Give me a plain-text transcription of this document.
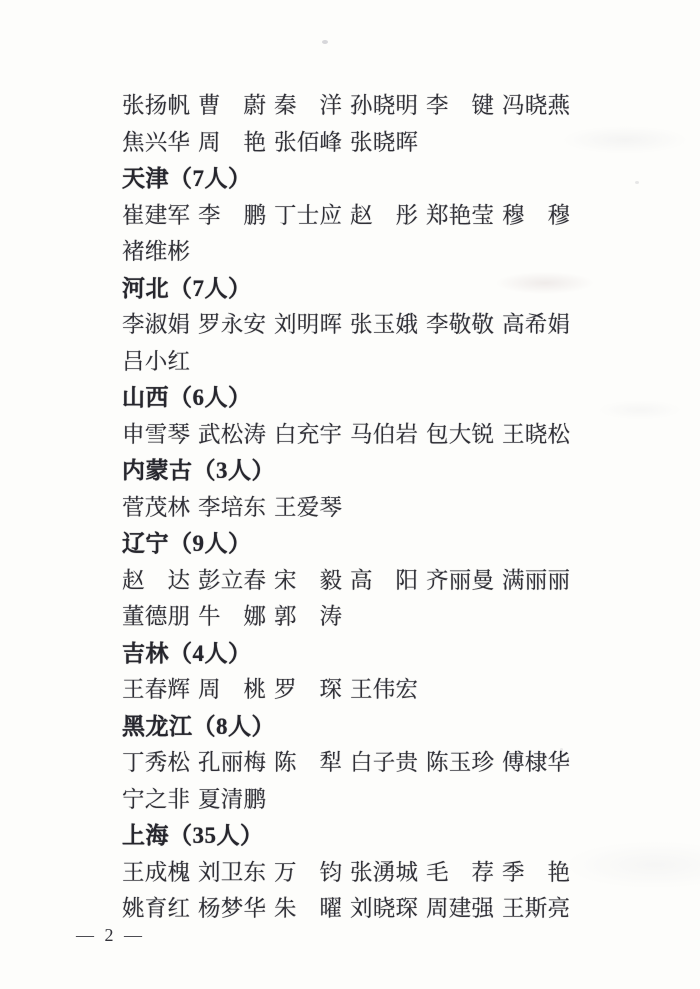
张扬帆 曹蔚 秦洋 孙晓明 李键 冯晓燕
焦兴华 周艳 张佰峰 张晓晖
天津（7人）
崔建军 李鹏 丁士应 赵彤 郑艳莹 穆穆
褚维彬
河北（7人）
李淑娟 罗永安 刘明晖 张玉娥 李敬敬 高希娟
吕小红
山西（6人）
申雪琴 武松涛 白充宇 马伯岩 包大锐 王晓松
内蒙古（3人）
菅茂林 李培东 王爱琴
辽宁（9人）
赵达 彭立春 宋毅 高阳 齐丽曼 满丽丽
董德朋 牛娜 郭涛
吉林（4人）
王春辉 周桃 罗琛 王伟宏
黑龙江（8人）
丁秀松 孔丽梅 陈犁 白子贵 陈玉珍 傅棣华
宁之非 夏清鹏
上海（35人）
王成槐 刘卫东 万钧 张湧城 毛荐 季艳
姚育红 杨梦华 朱曜 刘晓琛 周建强 王斯亮
— 2 —
